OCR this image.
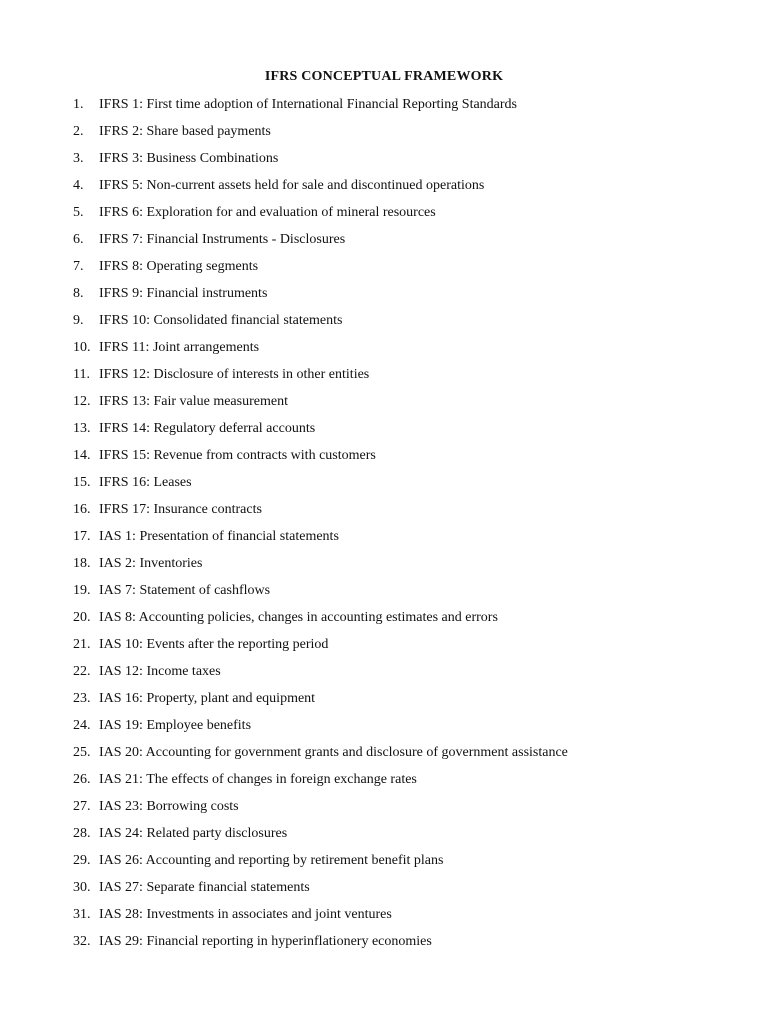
IFRS CONCEPTUAL FRAMEWORK
1. IFRS 1: First time adoption of International Financial Reporting Standards
2. IFRS 2: Share based payments
3. IFRS 3: Business Combinations
4. IFRS 5: Non-current assets held for sale and discontinued operations
5. IFRS 6: Exploration for and evaluation of mineral resources
6. IFRS 7: Financial Instruments - Disclosures
7. IFRS 8: Operating segments
8. IFRS 9: Financial instruments
9. IFRS 10: Consolidated financial statements
10. IFRS 11: Joint arrangements
11. IFRS 12: Disclosure of interests in other entities
12. IFRS 13: Fair value measurement
13. IFRS 14: Regulatory deferral accounts
14. IFRS 15: Revenue from contracts with customers
15. IFRS 16: Leases
16. IFRS 17: Insurance contracts
17. IAS 1: Presentation of financial statements
18. IAS 2: Inventories
19. IAS 7: Statement of cashflows
20. IAS 8: Accounting policies, changes in accounting estimates and errors
21. IAS 10: Events after the reporting period
22. IAS 12: Income taxes
23. IAS 16: Property, plant and equipment
24. IAS 19: Employee benefits
25. IAS 20: Accounting for government grants and disclosure of government assistance
26. IAS 21: The effects of changes in foreign exchange rates
27. IAS 23: Borrowing costs
28. IAS 24: Related party disclosures
29. IAS 26: Accounting and reporting by retirement benefit plans
30. IAS 27: Separate financial statements
31. IAS 28: Investments in associates and joint ventures
32. IAS 29: Financial reporting in hyperinflationery economies
